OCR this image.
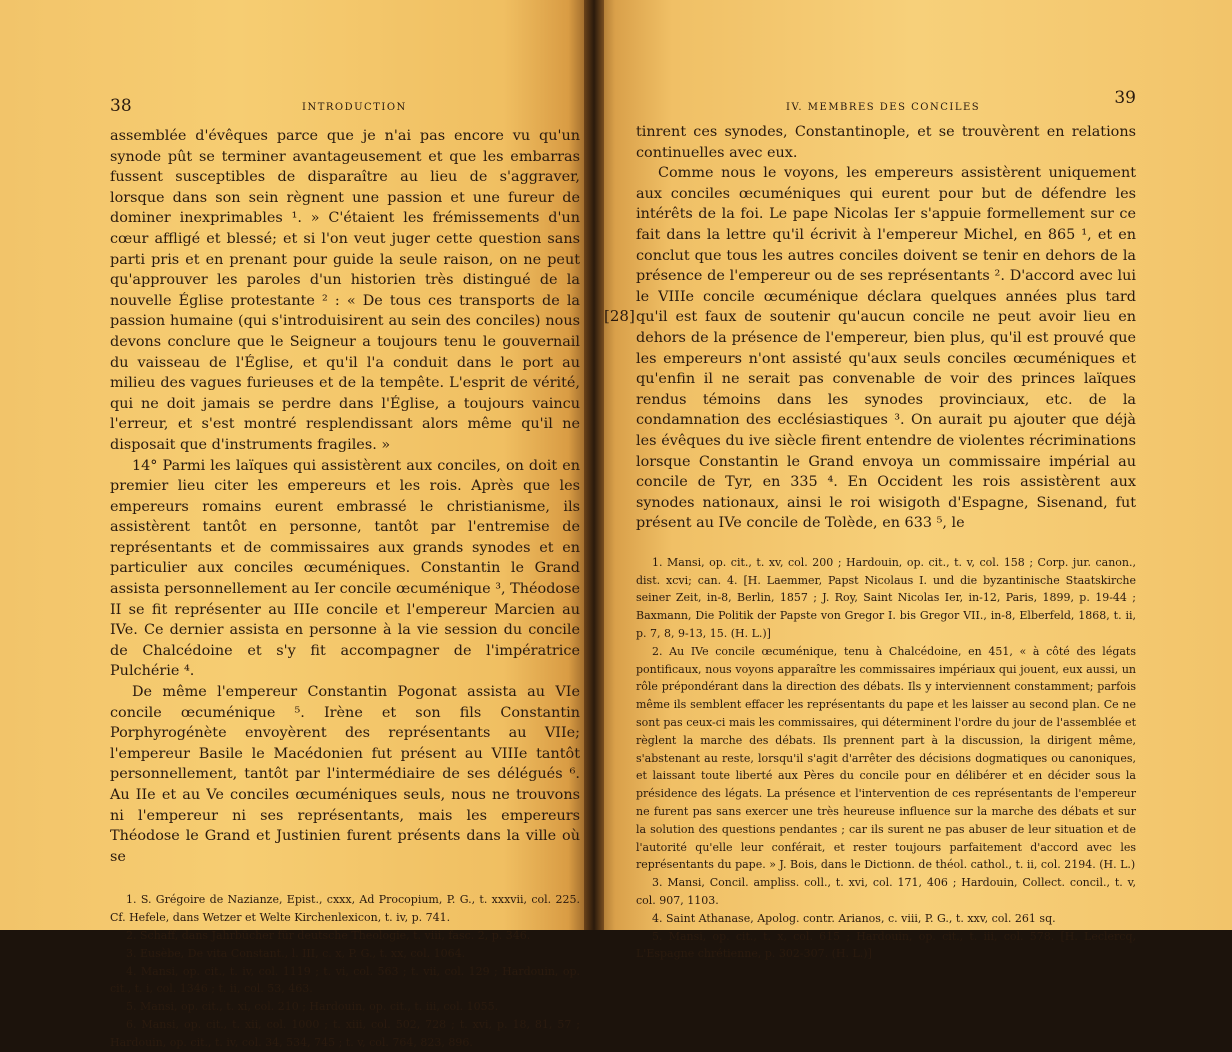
38	INTRODUCTION

assemblée d'évêques parce que je n'ai pas encore vu qu'un synode pût se terminer avantageusement et que les embarras fussent susceptibles de disparaître au lieu de s'aggraver, lorsque dans son sein règnent une passion et une fureur de dominer inexprimables ¹. » C'étaient les frémissements d'un cœur affligé et blessé; et si l'on veut juger cette question sans parti pris et en prenant pour guide la seule raison, on ne peut qu'approuver les paroles d'un historien très distingué de la nouvelle Église protestante ² : « De tous ces transports de la passion humaine (qui s'introduisirent au sein des conciles) nous devons conclure que le Seigneur a toujours tenu le gouvernail du vaisseau de l'Église, et qu'il l'a conduit dans le port au milieu des vagues furieuses et de la tempête. L'esprit de vérité, qui ne doit jamais se perdre dans l'Église, a toujours vaincu l'erreur, et s'est montré resplendissant alors même qu'il ne disposait que d'instruments fragiles. »

14° Parmi les laïques qui assistèrent aux conciles, on doit en premier lieu citer les empereurs et les rois. Après que les empereurs romains eurent embrassé le christianisme, ils assistèrent tantôt en personne, tantôt par l'entremise de représentants et de commissaires aux grands synodes et en particulier aux conciles œcuméniques. Constantin le Grand assista personnellement au Ier concile œcuménique ³, Théodose II se fit représenter au IIIe concile et l'empereur Marcien au IVe. Ce dernier assista en personne à la vie session du concile de Chalcédoine et s'y fit accompagner de l'impératrice Pulchérie ⁴.

De même l'empereur Constantin Pogonat assista au VIe concile œcuménique ⁵. Irène et son fils Constantin Porphyrogénète envoyèrent des représentants au VIIe; l'empereur Basile le Macédonien fut présent au VIIIe tantôt personnellement, tantôt par l'intermédiaire de ses délégués ⁶. Au IIe et au Ve conciles œcuméniques seuls, nous ne trouvons ni l'empereur ni ses représentants, mais les empereurs Théodose le Grand et Justinien furent présents dans la ville où se

1. S. Grégoire de Nazianze, Epist., cxxx, Ad Procopium, P. G., t. xxxvii, col. 225. Cf. Hefele, dans Wetzer et Welte Kirchenlexicon, t. iv, p. 741.

2. Schaff, dans Jahrbücher für deutsche Theologie, t. viii, fasc. 2, p. 346.

3. Eusèbe, De vita Constant., l. III, c. x, P. G., t. xx, col. 1064.

4. Mansi, op. cit., t. iv, col. 1119 ; t. vi, col. 563 ; t. vii, col. 129 ; Hardouin, op. cit., t. i, col. 1346 ; t. ii, col. 53, 463.

5. Mansi, op. cit., t. xi, col. 210 ; Hardouin, op. cit., t. iii, col. 1055.

6. Mansi, op. cit., t. xii, col. 1000 ; t. xiii, col. 502, 728 ; t. xvi, p. 18, 81, 57 ; Hardouin, op. cit., t. iv, col. 34, 534, 745 ; t. v, col. 764, 823, 896.

[28]
IV. MEMBRES DES CONCILES	39

tinrent ces synodes, Constantinople, et se trouvèrent en relations continuelles avec eux.

Comme nous le voyons, les empereurs assistèrent uniquement aux conciles œcuméniques qui eurent pour but de défendre les intérêts de la foi. Le pape Nicolas Ier s'appuie formellement sur ce fait dans la lettre qu'il écrivit à l'empereur Michel, en 865 ¹, et en conclut que tous les autres conciles doivent se tenir en dehors de la présence de l'empereur ou de ses représentants ². D'accord avec lui le VIIIe concile œcuménique déclara quelques années plus tard qu'il est faux de soutenir qu'aucun concile ne peut avoir lieu en dehors de la présence de l'empereur, bien plus, qu'il est prouvé que les empereurs n'ont assisté qu'aux seuls conciles œcuméniques et qu'enfin il ne serait pas convenable de voir des princes laïques rendus témoins dans les synodes provinciaux, etc. de la condamnation des ecclésiastiques ³. On aurait pu ajouter que déjà les évêques du ive siècle firent entendre de violentes récriminations lorsque Constantin le Grand envoya un commissaire impérial au concile de Tyr, en 335 ⁴. En Occident les rois assistèrent aux synodes nationaux, ainsi le roi wisigoth d'Espagne, Sisenand, fut présent au IVe concile de Tolède, en 633 ⁵, le

1. Mansi, op. cit., t. xv, col. 200 ; Hardouin, op. cit., t. v, col. 158 ; Corp. jur. canon., dist. xcvi; can. 4. [H. Laemmer, Papst Nicolaus I. und die byzantinische Staatskirche seiner Zeit, in-8, Berlin, 1857 ; J. Roy, Saint Nicolas Ier, in-12, Paris, 1899, p. 19-44 ; Baxmann, Die Politik der Papste von Gregor I. bis Gregor VII., in-8, Elberfeld, 1868, t. ii, p. 7, 8, 9-13, 15. (H. L.)]

2. Au IVe concile œcuménique, tenu à Chalcédoine, en 451, « à côté des légats pontificaux, nous voyons apparaître les commissaires impériaux qui jouent, eux aussi, un rôle prépondérant dans la direction des débats. Ils y interviennent constamment; parfois même ils semblent effacer les représentants du pape et les laisser au second plan. Ce ne sont pas ceux-ci mais les commissaires, qui déterminent l'ordre du jour de l'assemblée et règlent la marche des débats. Ils prennent part à la discussion, la dirigent même, s'abstenant au reste, lorsqu'il s'agit d'arrêter des décisions dogmatiques ou canoniques, et laissant toute liberté aux Pères du concile pour en délibérer et en décider sous la présidence des légats. La présence et l'intervention de ces représentants de l'empereur ne furent pas sans exercer une très heureuse influence sur la marche des débats et sur la solution des questions pendantes ; car ils surent ne pas abuser de leur situation et de l'autorité qu'elle leur conférait, et rester toujours parfaitement d'accord avec les représentants du pape. » J. Bois, dans le Dictionn. de théol. cathol., t. ii, col. 2194. (H. L.)

3. Mansi, Concil. ampliss. coll., t. xvi, col. 171, 406 ; Hardouin, Collect. concil., t. v, col. 907, 1103.

4. Saint Athanase, Apolog. contr. Arianos, c. viii, P. G., t. xxv, col. 261 sq.

5. Mansi, op. cit., t. x, col. 615 ; Hardouin, op. cit., t. iii, col. 578. [H. Leclercq, L'Espagne chrétienne, p. 302-307. (H. L.)]
